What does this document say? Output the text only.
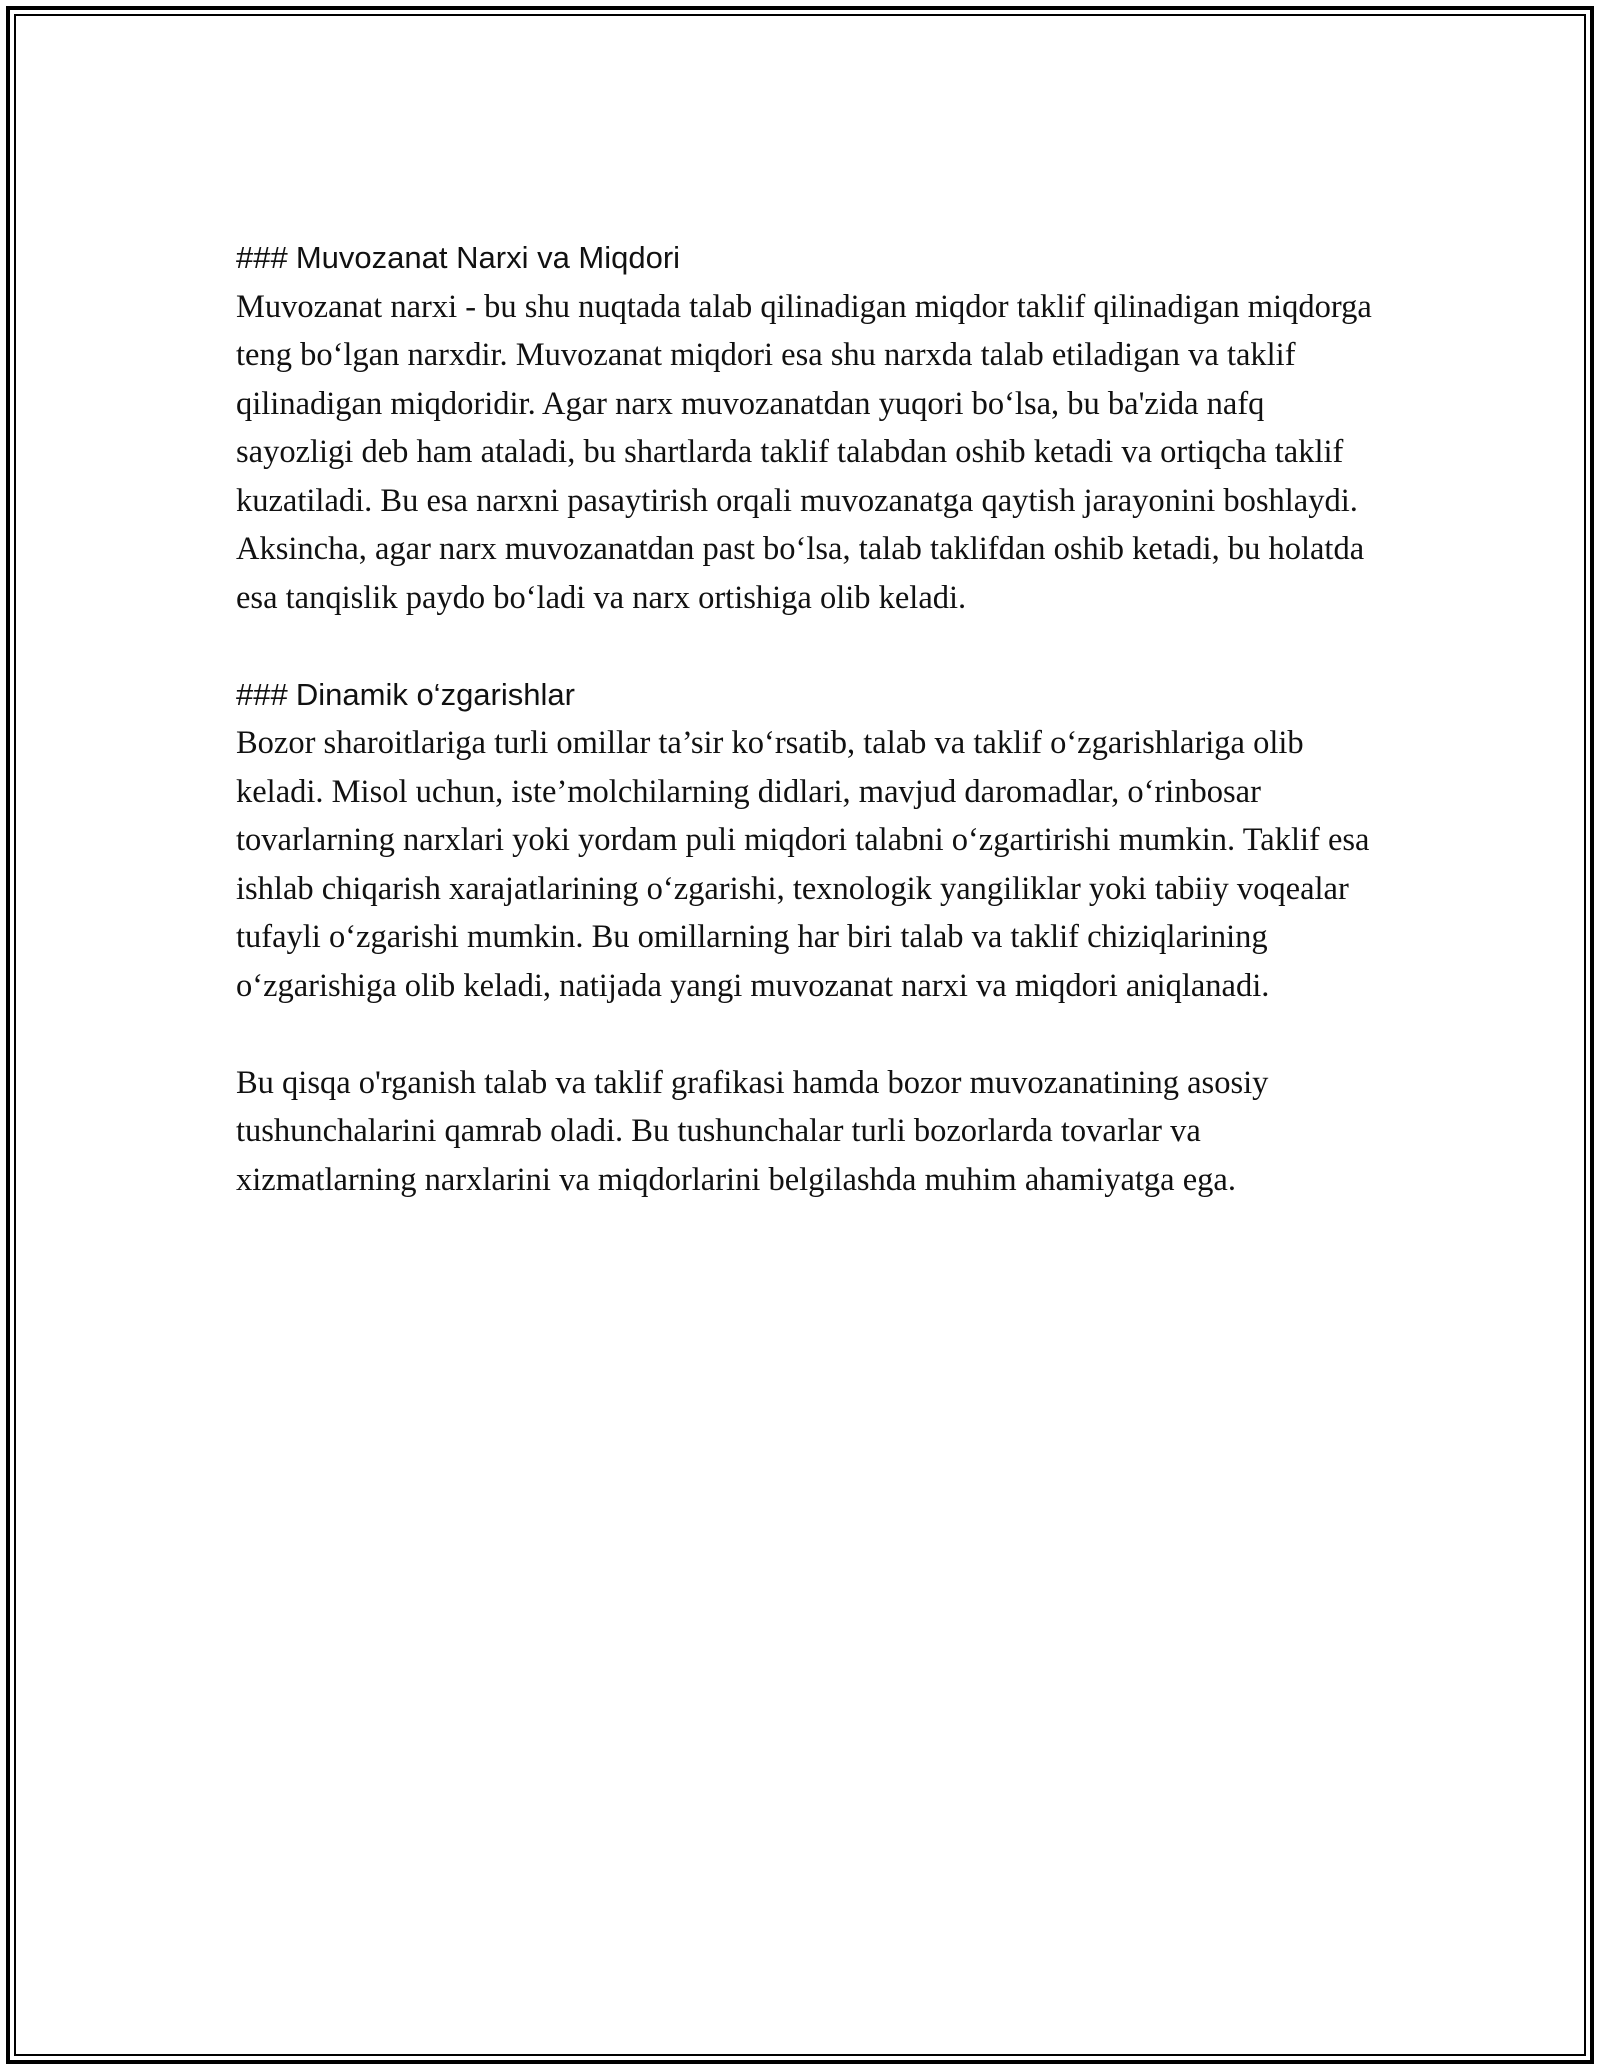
### Muvozanat Narxi va Miqdori

Muvozanat narxi - bu shu nuqtada talab qilinadigan miqdor taklif qilinadigan miqdorga teng bo‘lgan narxdir. Muvozanat miqdori esa shu narxda talab etiladigan va taklif qilinadigan miqdoridir. Agar narx muvozanatdan yuqori bo‘lsa, bu ba'zida nafq sayozligi deb ham ataladi, bu shartlarda taklif talabdan oshib ketadi va ortiqcha taklif kuzatiladi. Bu esa narxni pasaytirish orqali muvozanatga qaytish jarayonini boshlaydi. Aksincha, agar narx muvozanatdan past bo‘lsa, talab taklifdan oshib ketadi, bu holatda esa tanqislik paydo bo‘ladi va narx ortishiga olib keladi.

### Dinamik o‘zgarishlar

Bozor sharoitlariga turli omillar ta’sir ko‘rsatib, talab va taklif o‘zgarishlariga olib keladi. Misol uchun, iste’molchilarning didlari, mavjud daromadlar, o‘rinbosar tovarlarning narxlari yoki yordam puli miqdori talabni o‘zgartirishi mumkin. Taklif esa ishlab chiqarish xarajatlarining o‘zgarishi, texnologik yangiliklar yoki tabiiy voqealar tufayli o‘zgarishi mumkin. Bu omillarning har biri talab va taklif chiziqlarining o‘zgarishiga olib keladi, natijada yangi muvozanat narxi va miqdori aniqlanadi.

Bu qisqa o'rganish talab va taklif grafikasi hamda bozor muvozanatining asosiy tushunchalarini qamrab oladi. Bu tushunchalar turli bozorlarda tovarlar va xizmatlarning narxlarini va miqdorlarini belgilashda muhim ahamiyatga ega.
